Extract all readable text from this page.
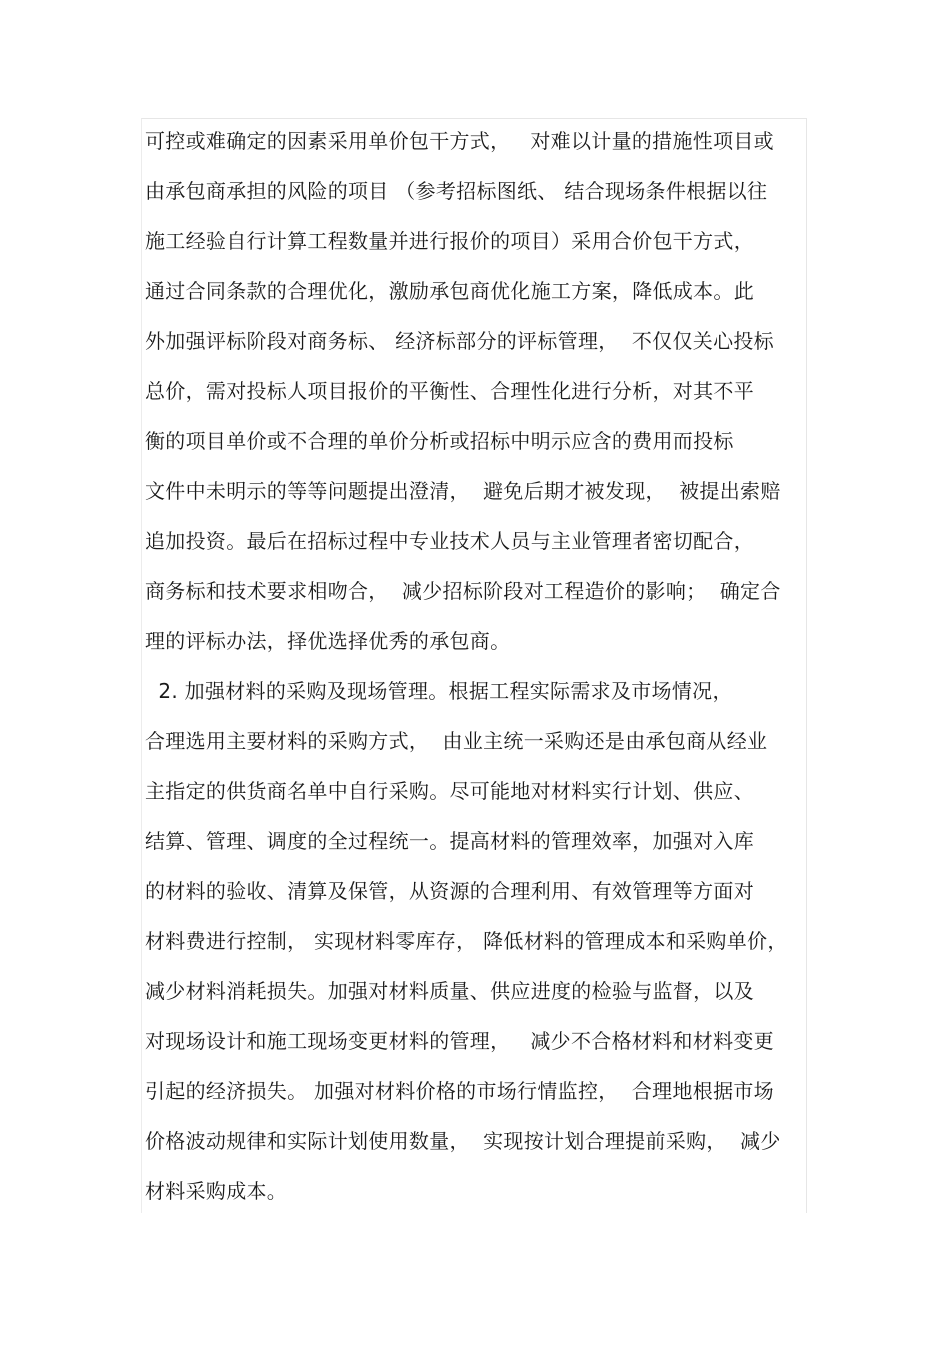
可控或难确定的因素采用单价包干方式，   对难以计量的措施性项目或
由承包商承担的风险的项目 （参考招标图纸、 结合现场条件根据以往
施工经验自行计算工程数量并进行报价的项目）采用合价包干方式，
通过合同条款的合理优化，激励承包商优化施工方案，降低成本。此
外加强评标阶段对商务标、 经济标部分的评标管理，  不仅仅关心投标
总价，需对投标人项目报价的平衡性、合理性化进行分析，对其不平
衡的项目单价或不合理的单价分析或招标中明示应含的费用而投标
文件中未明示的等等问题提出澄清，  避免后期才被发现，  被提出索赔
追加投资。最后在招标过程中专业技术人员与主业管理者密切配合，
商务标和技术要求相吻合，  减少招标阶段对工程造价的影响；  确定合
理的评标办法，择优选择优秀的承包商。
2. 加强材料的采购及现场管理。根据工程实际需求及市场情况，
合理选用主要材料的采购方式，  由业主统一采购还是由承包商从经业
主指定的供货商名单中自行采购。尽可能地对材料实行计划、供应、
结算、管理、调度的全过程统一。提高材料的管理效率，加强对入库
的材料的验收、清算及保管，从资源的合理利用、有效管理等方面对
材料费进行控制， 实现材料零库存， 降低材料的管理成本和采购单价，
减少材料消耗损失。加强对材料质量、供应进度的检验与监督，以及
对现场设计和施工现场变更材料的管理，   减少不合格材料和材料变更
引起的经济损失。 加强对材料价格的市场行情监控，  合理地根据市场
价格波动规律和实际计划使用数量，  实现按计划合理提前采购，  减少
材料采购成本。
